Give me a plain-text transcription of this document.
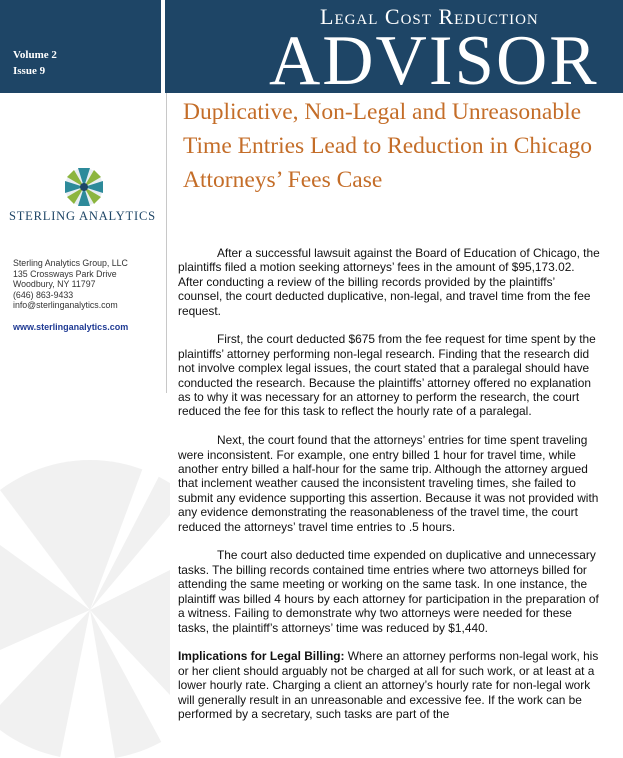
Volume 2
Issue 9
Legal Cost Reduction
ADVISOR
STERLING ANALYTICS
Sterling Analytics Group, LLC
135 Crossways Park Drive
Woodbury, NY 11797
(646) 863-9433
info@sterlinganalytics.com
www.sterlinganalytics.com
Duplicative, Non-Legal and Unreasonable Time Entries Lead to Reduction in Chicago Attorneys’ Fees Case

After a successful lawsuit against the Board of Education of Chicago, the plaintiffs filed a motion seeking attorneys’ fees in the amount of $95,173.02. After conducting a review of the billing records provided by the plaintiffs’ counsel, the court deducted duplicative, non-legal, and travel time from the fee request.

First, the court deducted $675 from the fee request for time spent by the plaintiffs’ attorney performing non-legal research. Finding that the research did not involve complex legal issues, the court stated that a paralegal should have conducted the research. Because the plaintiffs’ attorney offered no explanation as to why it was necessary for an attorney to perform the research, the court reduced the fee for this task to reflect the hourly rate of a paralegal.

Next, the court found that the attorneys’ entries for time spent traveling were inconsistent. For example, one entry billed 1 hour for travel time, while another entry billed a half-hour for the same trip. Although the attorney argued that inclement weather caused the inconsistent traveling times, she failed to submit any evidence supporting this assertion. Because it was not provided with any evidence demonstrating the reasonableness of the travel time, the court reduced the attorneys’ travel time entries to .5 hours.

The court also deducted time expended on duplicative and unnecessary tasks. The billing records contained time entries where two attorneys billed for attending the same meeting or working on the same task. In one instance, the plaintiff was billed 4 hours by each attorney for participation in the preparation of a witness. Failing to demonstrate why two attorneys were needed for these tasks, the plaintiff’s attorneys’ time was reduced by $1,440.

Implications for Legal Billing: Where an attorney performs non-legal work, his or her client should arguably not be charged at all for such work, or at least at a lower hourly rate. Charging a client an attorney’s hourly rate for non-legal work will generally result in an unreasonable and excessive fee. If the work can be performed by a secretary, such tasks are part of the
